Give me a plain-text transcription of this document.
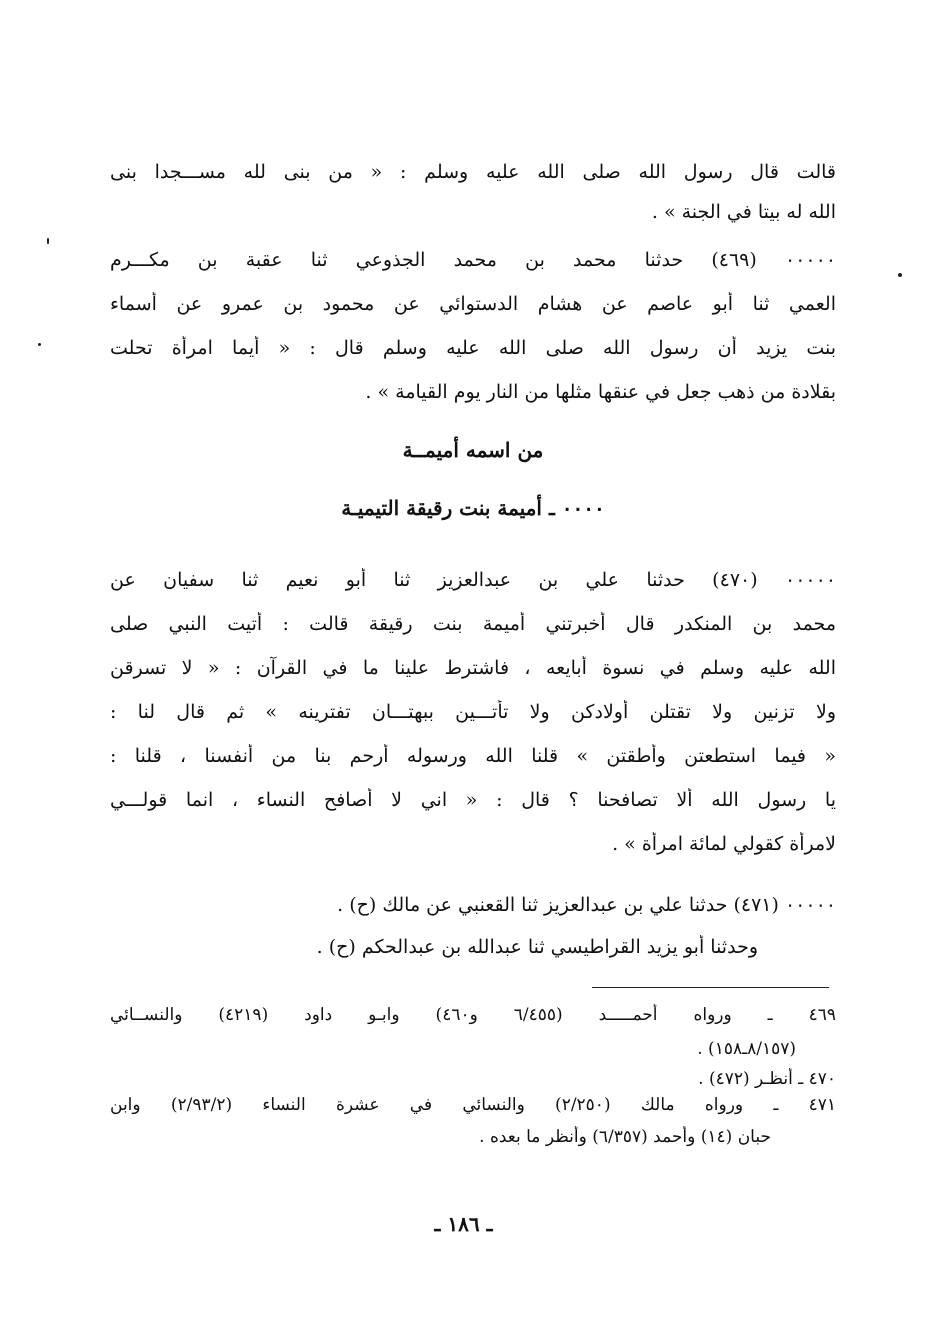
قالت قال رسول الله صلى الله عليه وسلم : « من بنى لله مســـجدا بنى
الله له بيتا في الجنة » .
٠٠٠٠٠ (٤٦٩) حدثنا محمد بن محمد الجذوعي ثنا عقبة بن مكـــرم
العمي ثنا أبو عاصم عن هشام الدستوائي عن محمود بن عمرو عن أسماء
بنت يزيد أن رسول الله صلى الله عليه وسلم قال : « أيما امرأة تحلت
بقلادة من ذهب جعل في عنقها مثلها من النار يوم القيامة » .
من اسمه أميمــة
٠٠٠٠ ـ أميمة بنت رقيقة التيميـة
٠٠٠٠٠ (٤٧٠) حدثنا علي بن عبدالعزيز ثنا أبو نعيم ثنا سفيان عن
محمد بن المنكدر قال أخبرتني أميمة بنت رقيقة قالت : أتيت النبي صلى
الله عليه وسلم في نسوة أبايعه ، فاشترط علينا ما في القرآن : « لا تسرقن
ولا تزنين ولا تقتلن أولادكن ولا تأتـــين ببهتـــان تفترينه » ثم قال لنا :
« فيما استطعتن وأطقتن » قلنا الله ورسوله أرحم بنا من أنفسنا ، قلنا :
يا رسول الله ألا تصافحنا ؟ قال : « اني لا أصافح النساء ، انما قولـــي
لامرأة كقولي لمائة امرأة » .
٠٠٠٠٠ (٤٧١) حدثنا علي بن عبدالعزيز ثنا القعنبي عن مالك (ح) .
وحدثنا أبو يزيد القراطيسي ثنا عبدالله بن عبدالحكم (ح) .
٤٦٩ ـ ورواه أحمـــــد (٦/٤٥٥ و٤٦٠) وابـو داود (٤٢١٩) والنســائي
(٨/١٥٧ـ١٥٨) .
٤٧٠ ـ أنظـر (٤٧٢) .
٤٧١ ـ ورواه مالك (٢/٢٥٠) والنسائي في عشرة النساء (٢/٩٣/٢) وابن
حبان (١٤) وأحمد (٦/٣٥٧) وأنظر ما بعده .
ـ ١٨٦ ـ
